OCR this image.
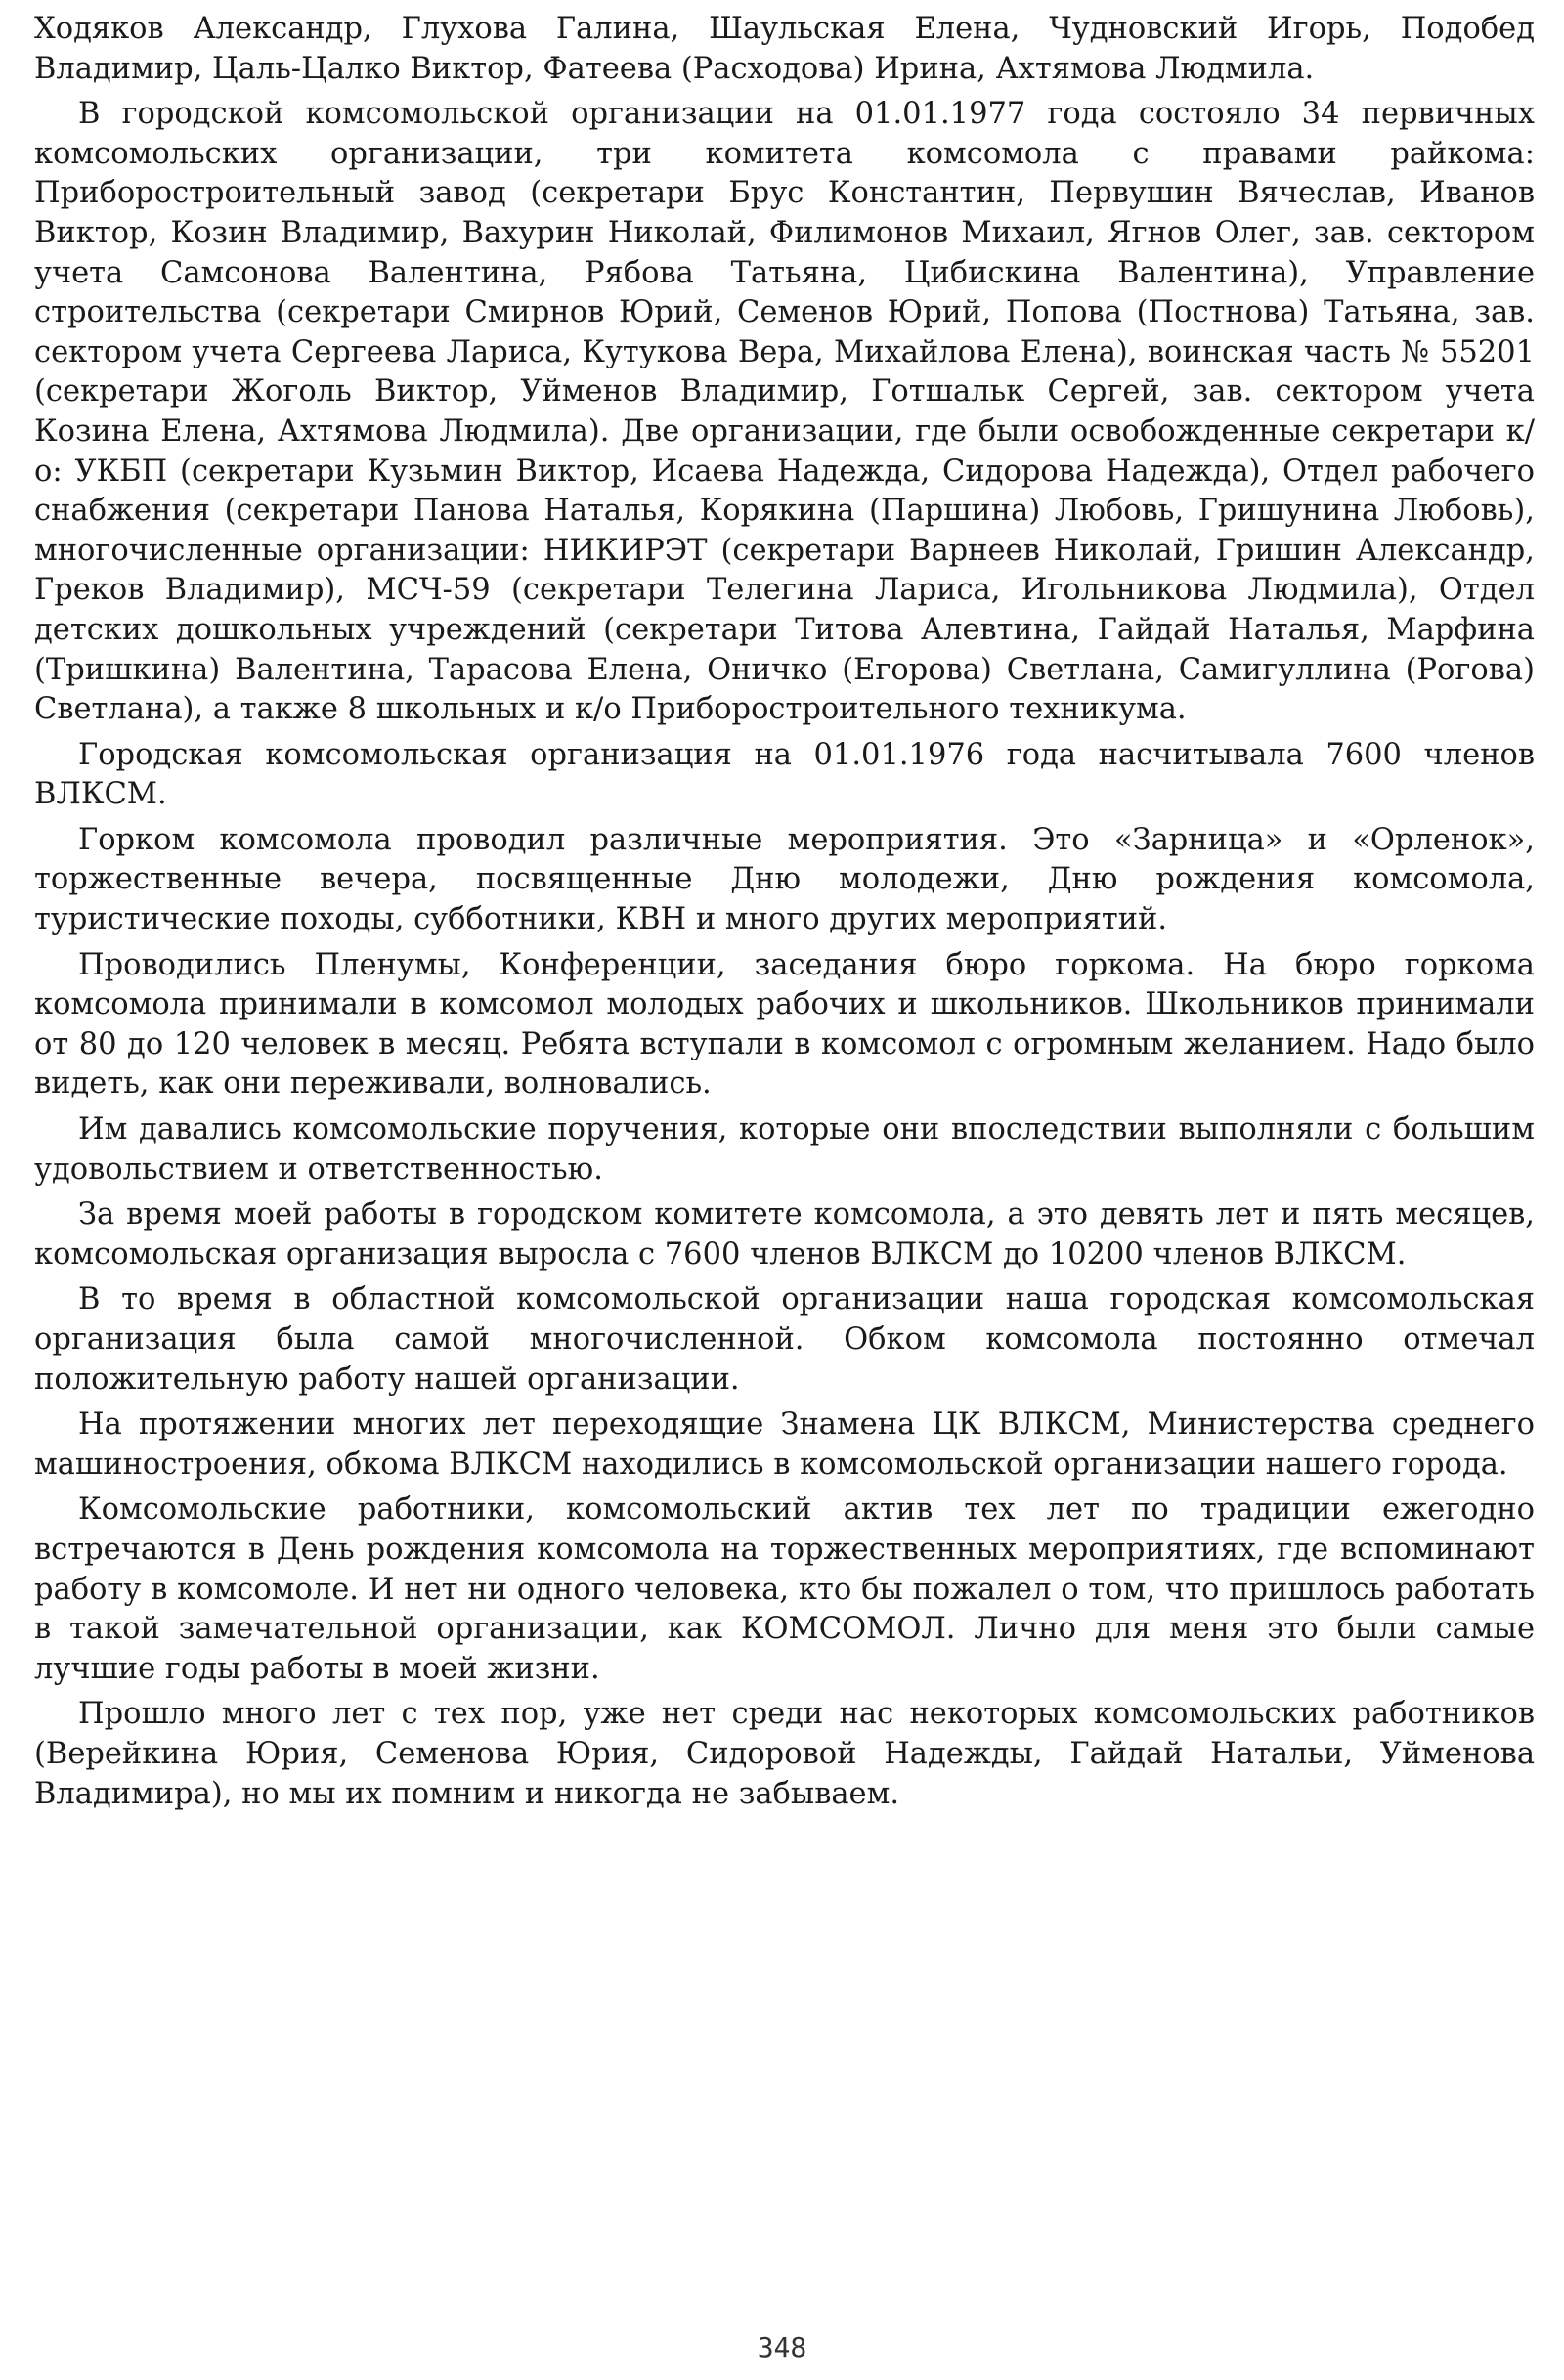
Ходяков Александр, Глухова Галина, Шаульская Елена, Чудновский Игорь, Подобед Владимир, Цаль-Цалко Виктор, Фатеева (Расходова) Ирина, Ахтямова Людмила.

В городской комсомольской организации на 01.01.1977 года состояло 34 первичных комсомольских организации, три комитета комсомола с правами райкома: Приборостроительный завод (секретари Брус Константин, Первушин Вячеслав, Иванов Виктор, Козин Владимир, Вахурин Николай, Филимонов Михаил, Ягнов Олег, зав. сектором учета Самсонова Валентина, Рябова Татьяна, Цибискина Валентина), Управление строительства (секретари Смирнов Юрий, Семенов Юрий, Попова (Постнова) Татьяна, зав. сектором учета Сергеева Лариса, Кутукова Вера, Михайлова Елена), воинская часть № 55201 (секретари Жоголь Виктор, Уйменов Владимир, Готшальк Сергей, зав. сектором учета Козина Елена, Ахтямова Людмила). Две организации, где были освобожденные секретари к/о: УКБП (секретари Кузьмин Виктор, Исаева Надежда, Сидорова Надежда), Отдел рабочего снабжения (секретари Панова Наталья, Корякина (Паршина) Любовь, Гришунина Любовь), многочисленные организации: НИКИРЭТ (секретари Варнеев Николай, Гришин Александр, Греков Владимир), МСЧ-59 (секретари Телегина Лариса, Игольникова Людмила), Отдел детских дошкольных учреждений (секретари Титова Алевтина, Гайдай Наталья, Марфина (Тришкина) Валентина, Тарасова Елена, Оничко (Егорова) Светлана, Самигуллина (Рогова) Светлана), а также 8 школьных и к/о Приборостроительного техникума.

Городская комсомольская организация на 01.01.1976 года насчитывала 7600 членов ВЛКСМ.

Горком комсомола проводил различные мероприятия. Это «Зарница» и «Орленок», торжественные вечера, посвященные Дню молодежи, Дню рождения комсомола, туристические походы, субботники, КВН и много других мероприятий.

Проводились Пленумы, Конференции, заседания бюро горкома. На бюро горкома комсомола принимали в комсомол молодых рабочих и школьников. Школьников принимали от 80 до 120 человек в месяц. Ребята вступали в комсомол с огромным желанием. Надо было видеть, как они переживали, волновались.

Им давались комсомольские поручения, которые они впоследствии выполняли с большим удовольствием и ответственностью.

За время моей работы в городском комитете комсомола, а это девять лет и пять месяцев, комсомольская организация выросла с 7600 членов ВЛКСМ до 10200 членов ВЛКСМ.

В то время в областной комсомольской организации наша городская комсомольская организация была самой многочисленной. Обком комсомола постоянно отмечал положительную работу нашей организации.

На протяжении многих лет переходящие Знамена ЦК ВЛКСМ, Министерства среднего машиностроения, обкома ВЛКСМ находились в комсомольской организации нашего города.

Комсомольские работники, комсомольский актив тех лет по традиции ежегодно встречаются в День рождения комсомола на торжественных мероприятиях, где вспоминают работу в комсомоле. И нет ни одного человека, кто бы пожалел о том, что пришлось работать в такой замечательной организации, как КОМСОМОЛ. Лично для меня это были самые лучшие годы работы в моей жизни.

Прошло много лет с тех пор, уже нет среди нас некоторых комсомольских работников (Верейкина Юрия, Семенова Юрия, Сидоровой Надежды, Гайдай Натальи, Уйменова Владимира), но мы их помним и никогда не забываем.

348
